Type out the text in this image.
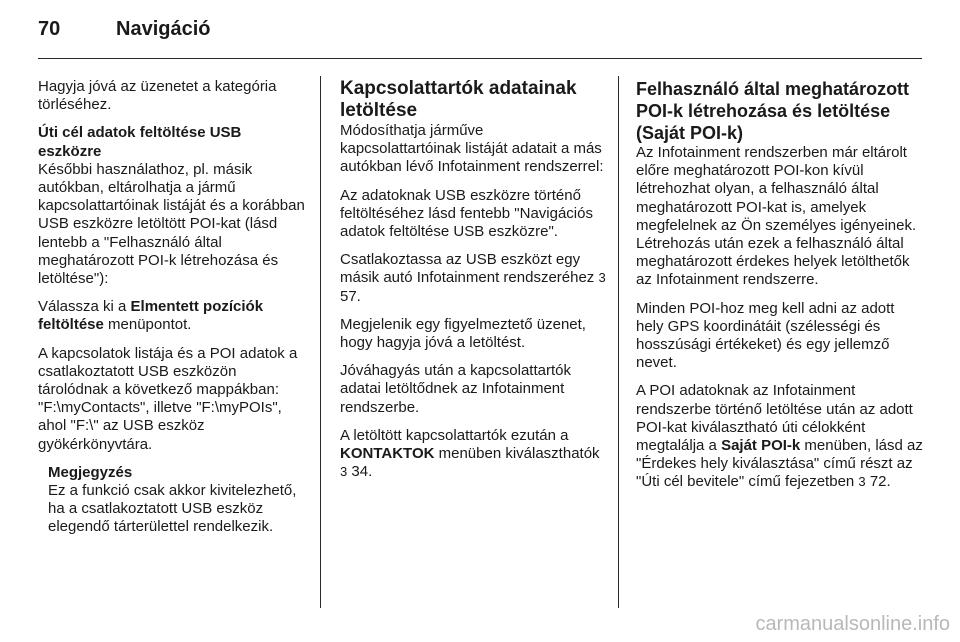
70	Navigáció

Hagyja jóvá az üzenetet a kategória törléséhez.

Úti cél adatok feltöltése USB eszközre

Későbbi használathoz, pl. másik autókban, eltárolhatja a jármű kapcsolattartóinak listáját és a korábban USB eszközre letöltött POI-kat (lásd lentebb a "Felhasználó által meghatározott POI-k létrehozása és letöltése"):

Válassza ki a Elmentett pozíciók feltöltése menüpontot.

A kapcsolatok listája és a POI adatok a csatlakoztatott USB eszközön tárolódnak a következő mappákban: "F:\myContacts", illetve "F:\myPOIs", ahol "F:\" az USB eszköz gyökérkönyvtára.

Megjegyzés
Ez a funkció csak akkor kivitelezhető, ha a csatlakoztatott USB eszköz elegendő tárterülettel rendelkezik.

Kapcsolattartók adatainak letöltése

Módosíthatja járműve kapcsolattartóinak listáját adatait a más autókban lévő Infotainment rendszerrel:

Az adatoknak USB eszközre történő feltöltéséhez lásd fentebb "Navigációs adatok feltöltése USB eszközre".

Csatlakoztassa az USB eszközt egy másik autó Infotainment rendszeréhez 3 57.

Megjelenik egy figyelmeztető üzenet, hogy hagyja jóvá a letöltést.

Jóváhagyás után a kapcsolattartók adatai letöltődnek az Infotainment rendszerbe.

A letöltött kapcsolattartók ezután a KONTAKTOK menüben kiválaszthatók 3 34.

Felhasználó által meghatározott POI-k létrehozása és letöltése (Saját POI-k)

Az Infotainment rendszerben már eltárolt előre meghatározott POI-kon kívül létrehozhat olyan, a felhasználó által meghatározott POI-kat is, amelyek megfelelnek az Ön személyes igényeinek. Létrehozás után ezek a felhasználó által meghatározott érdekes helyek letölthetők az Infotainment rendszerre.

Minden POI-hoz meg kell adni az adott hely GPS koordinátáit (szélességi és hosszúsági értékeket) és egy jellemző nevet.

A POI adatoknak az Infotainment rendszerbe történő letöltése után az adott POI-kat kiválasztható úti célokként megtalálja a Saját POI-k menüben, lásd az "Érdekes hely kiválasztása" című részt az "Úti cél bevitele" című fejezetben 3 72.

carmanualsonline.info
